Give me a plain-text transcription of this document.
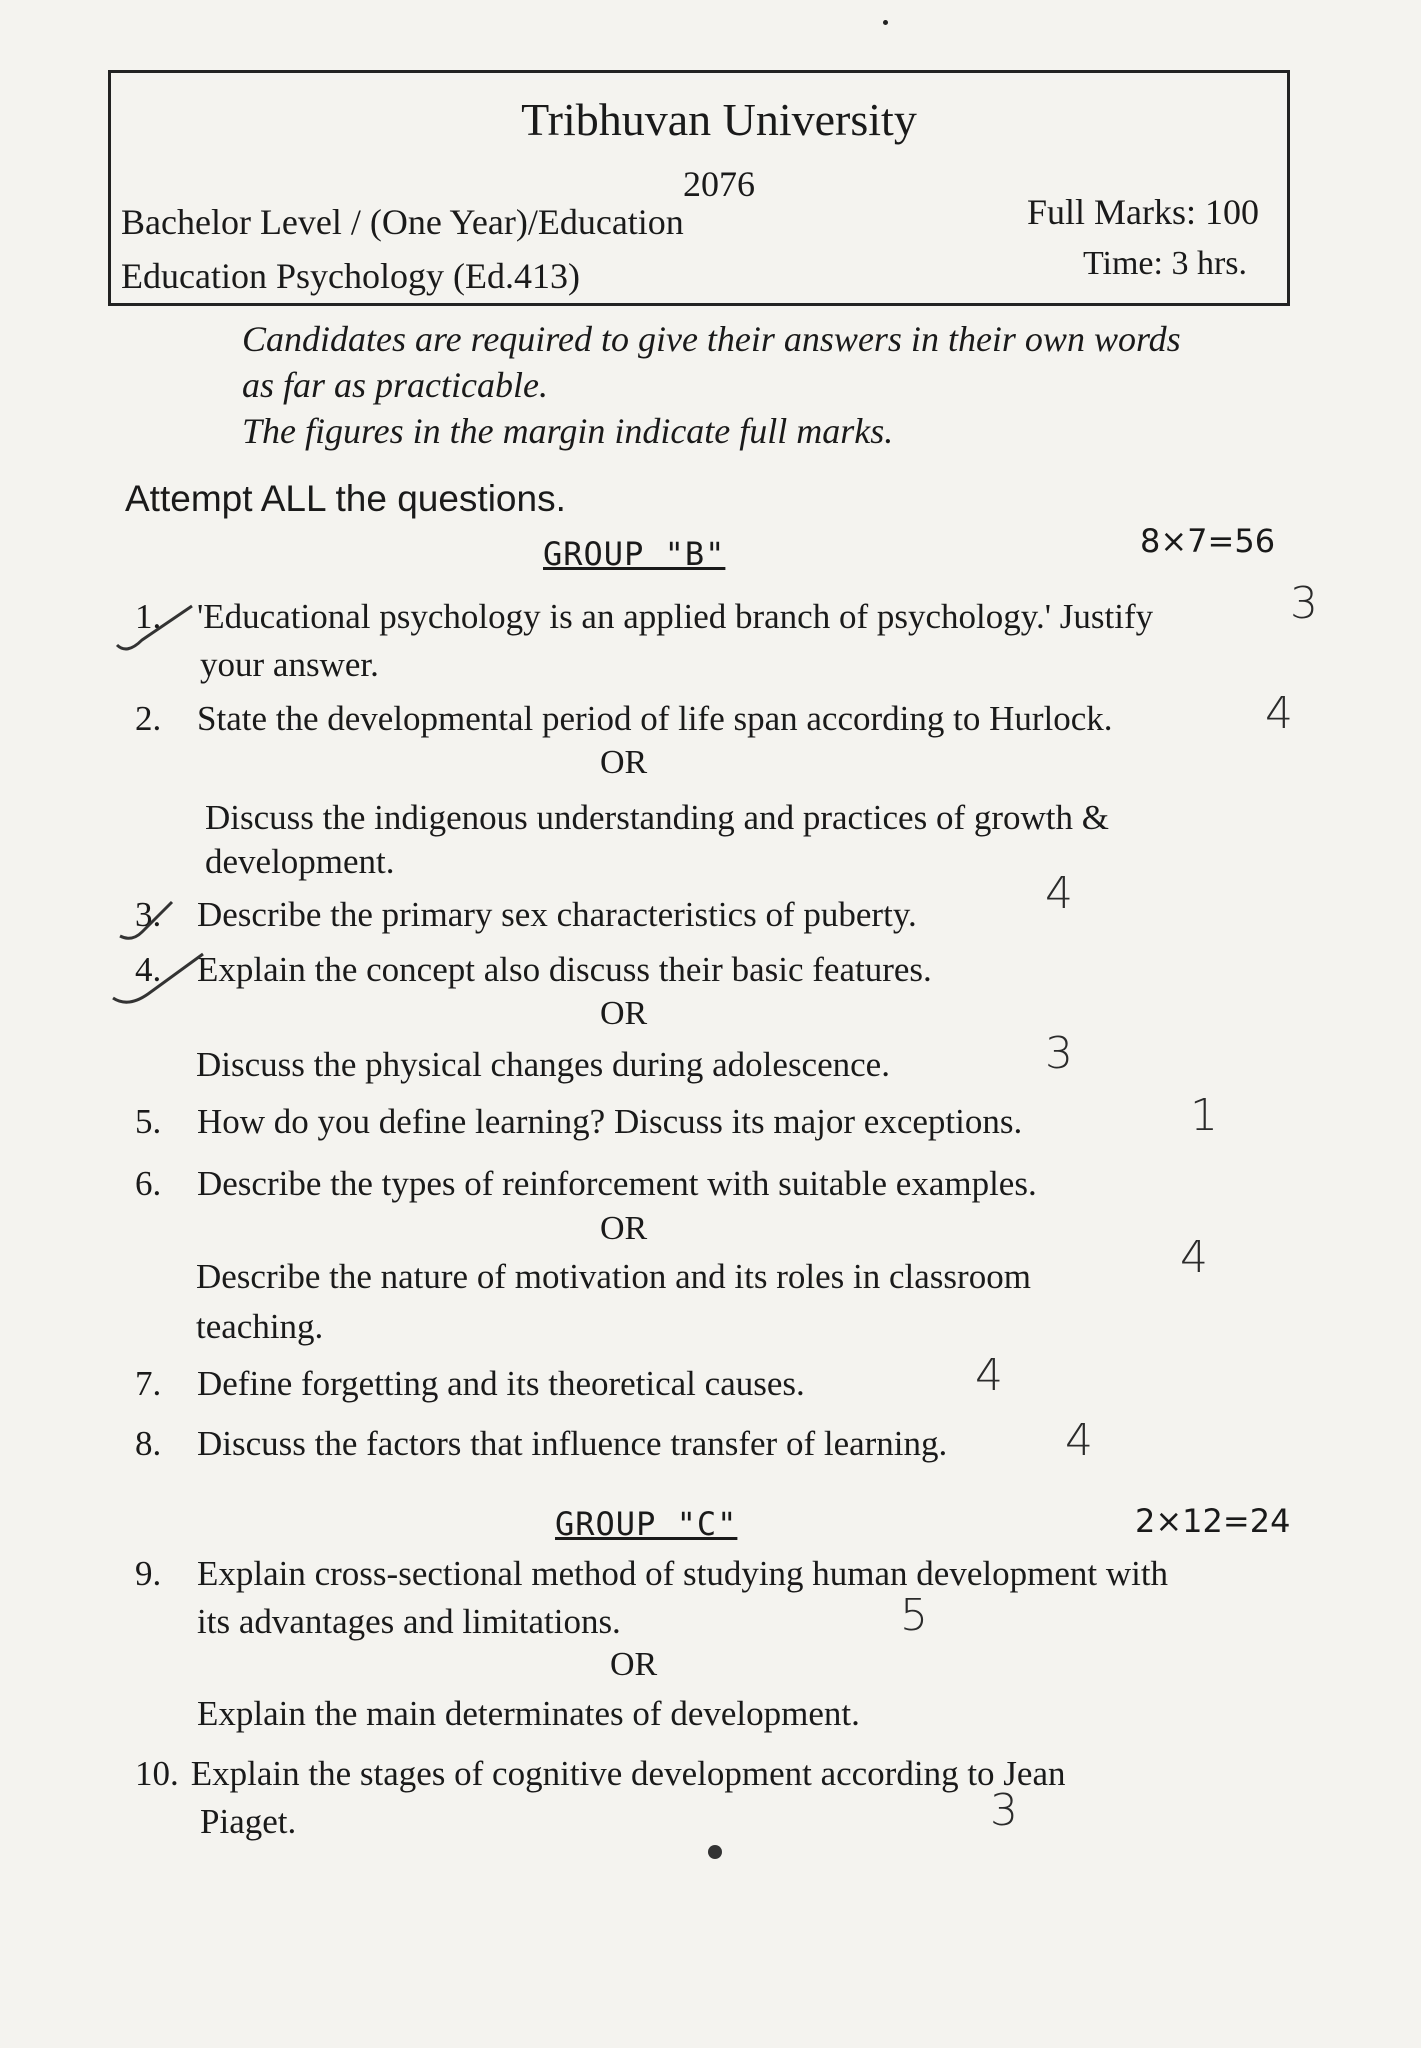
Tribhuvan University
2076
Bachelor Level / (One Year)/Education
Education Psychology (Ed.413)
Full Marks: 100
Time: 3 hrs.
Candidates are required to give their answers in their own words
as far as practicable.
The figures in the margin indicate full marks.
Attempt ALL the questions.
GROUP "B"	8×7=56
1. 'Educational psychology is an applied branch of psychology.' Justify
your answer.
3
2. State the developmental period of life span according to Hurlock.	4
OR
Discuss the indigenous understanding and practices of growth &
development.
3. Describe the primary sex characteristics of puberty.	4
4. Explain the concept also discuss their basic features.
OR
Discuss the physical changes during adolescence.	3
5. How do you define learning? Discuss its major exceptions.	1
6. Describe the types of reinforcement with suitable examples.
OR
Describe the nature of motivation and its roles in classroom
teaching.
4
7. Define forgetting and its theoretical causes.	4
8. Discuss the factors that influence transfer of learning.	4
GROUP "C"	2×12=24
9. Explain cross-sectional method of studying human development with
its advantages and limitations.	5
OR
Explain the main determinates of development.
10. Explain the stages of cognitive development according to Jean
Piaget.	3
